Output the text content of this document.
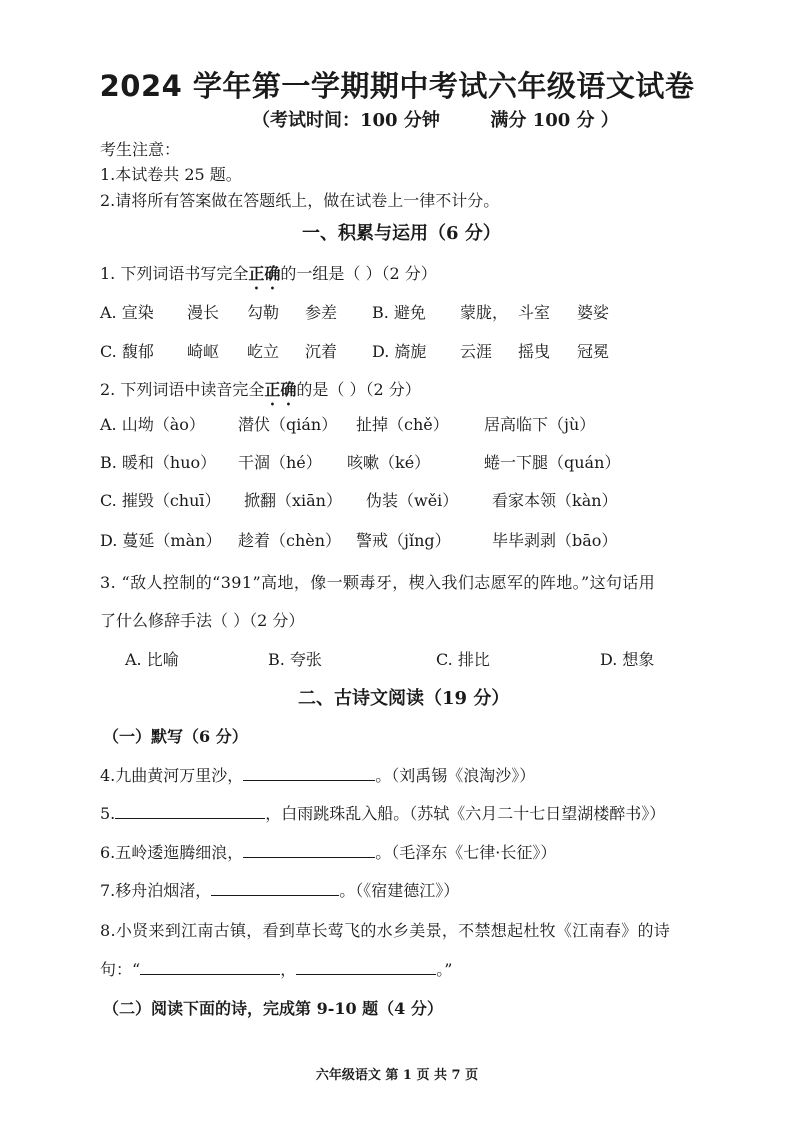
2024 学年第一学期期中考试六年级语文试卷
（考试时间：100 分钟	满分 100 分 ）
考生注意：
1.本试卷共 25 题。
2.请将所有答案做在答题纸上，做在试卷上一律不计分。
一、积累与运用（6 分）
1. 下列词语书写完全正确的一组是（ ）（2 分）
A. 宣染 漫长 勾勒 参差 B. 避免 蒙胧， 斗室 婆娑
C. 馥郁 崎岖 屹立 沉着 D. 旖旎 云涯 摇曳 冠冕
2. 下列词语中读音完全正确的是（ ）（2 分）
A. 山坳（ào） 潜伏（qián） 扯掉（chě） 居高临下（jù）
B. 暖和（huo） 干涸（hé） 咳嗽（ké）	蜷一下腿（quán）
C. 摧毁（chuī） 掀翻（xiān） 伪装（wěi） 看家本领（kàn）
D. 蔓延（màn） 趁着（chèn） 警戒（jǐng）	毕毕剥剥（bāo）
3. “敌人控制的“391”高地，像一颗毒牙，楔入我们志愿军的阵地。”这句话用
了什么修辞手法（ ）（2 分）
A. 比喻	B. 夸张	C. 排比	D. 想象
二、古诗文阅读（19 分）
（一）默写（6 分）
4.九曲黄河万里沙，	。（刘禹锡《浪淘沙》）
5.	，白雨跳珠乱入船。（苏轼《六月二十七日望湖楼醉书》）
6.五岭逶迤腾细浪，	。（毛泽东《七律·长征》）
7.移舟泊烟渚，	。（《宿建德江》）
8.小贤来到江南古镇，看到草长莺飞的水乡美景，不禁想起杜牧《江南春》的诗
句：“	，	。”
（二）阅读下面的诗，完成第 9-10 题（4 分）
六年级语文 第 1 页 共 7 页
